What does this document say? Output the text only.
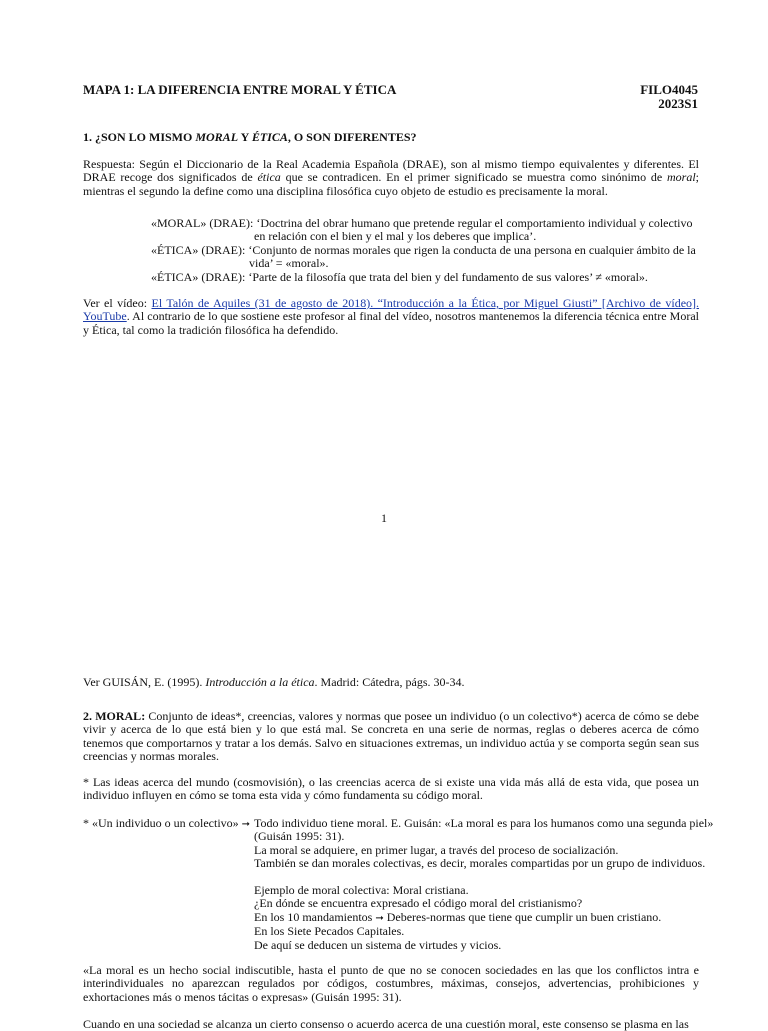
MAPA 1: LA DIFERENCIA ENTRE MORAL Y ÉTICA	FILO4045
2023S1
1. ¿SON LO MISMO MORAL Y ÉTICA, O SON DIFERENTES?
Respuesta: Según el Diccionario de la Real Academia Española (DRAE), son al mismo tiempo equivalentes y diferentes. El DRAE recoge dos significados de ética que se contradicen. En el primer significado se muestra como sinónimo de moral; mientras el segundo la define como una disciplina filosófica cuyo objeto de estudio es precisamente la moral.
«MORAL» (DRAE): ‘Doctrina del obrar humano que pretende regular el comportamiento individual y colectivo en relación con el bien y el mal y los deberes que implica’.
«ÉTICA» (DRAE): ‘Conjunto de normas morales que rigen la conducta de una persona en cualquier ámbito de la vida’ = «moral».
«ÉTICA» (DRAE): ‘Parte de la filosofía que trata del bien y del fundamento de sus valores’ ≠ «moral».
Ver el vídeo: El Talón de Aquiles (31 de agosto de 2018). “Introducción a la Ética, por Miguel Giusti” [Archivo de vídeo]. YouTube. Al contrario de lo que sostiene este profesor al final del vídeo, nosotros mantenemos la diferencia técnica entre Moral y Ética, tal como la tradición filosófica ha defendido.
1
Ver GUISÁN, E. (1995). Introducción a la ética. Madrid: Cátedra, págs. 30-34.
2. MORAL: Conjunto de ideas*, creencias, valores y normas que posee un individuo (o un colectivo*) acerca de cómo se debe vivir y acerca de lo que está bien y lo que está mal. Se concreta en una serie de normas, reglas o deberes acerca de cómo tenemos que comportarnos y tratar a los demás. Salvo en situaciones extremas, un individuo actúa y se comporta según sean sus creencias y normas morales.
* Las ideas acerca del mundo (cosmovisión), o las creencias acerca de si existe una vida más allá de esta vida, que posea un individuo influyen en cómo se toma esta vida y cómo fundamenta su código moral.
* «Un individuo o un colectivo» ➞ Todo individuo tiene moral. E. Guisán: «La moral es para los humanos como una segunda piel» (Guisán 1995: 31).
La moral se adquiere, en primer lugar, a través del proceso de socialización.
También se dan morales colectivas, es decir, morales compartidas por un grupo de individuos.
Ejemplo de moral colectiva: Moral cristiana.
¿En dónde se encuentra expresado el código moral del cristianismo?
En los 10 mandamientos ➞ Deberes-normas que tiene que cumplir un buen cristiano.
En los Siete Pecados Capitales.
De aquí se deducen un sistema de virtudes y vicios.
«La moral es un hecho social indiscutible, hasta el punto de que no se conocen sociedades en las que los conflictos intra e interindividuales no aparezcan regulados por códigos, costumbres, máximas, consejos, advertencias, prohibiciones y exhortaciones más o menos tácitas o expresas» (Guisán 1995: 31).
Cuando en una sociedad se alcanza un cierto consenso o acuerdo acerca de una cuestión moral, este consenso se plasma en las
